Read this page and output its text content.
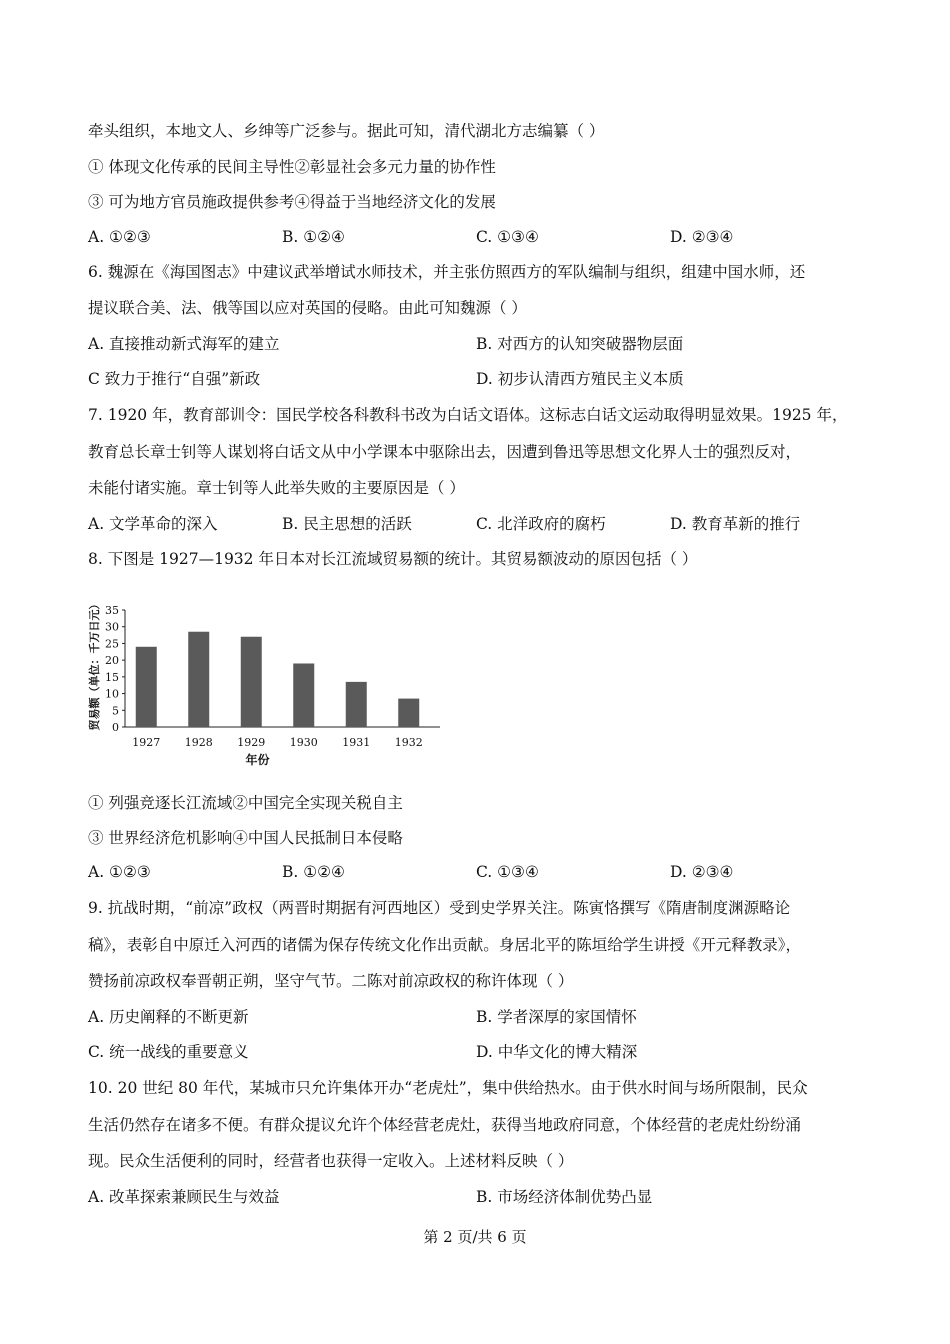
牵头组织，本地文人、乡绅等广泛参与。据此可知，清代湖北方志编纂（ ）
① 体现文化传承的民间主导性②彰显社会多元力量的协作性
③ 可为地方官员施政提供参考④得益于当地经济文化的发展
A. ①②③	B. ①②④	C. ①③④	D. ②③④
6. 魏源在《海国图志》中建议武举增试水师技术，并主张仿照西方的军队编制与组织，组建中国水师，还
提议联合美、法、俄等国以应对英国的侵略。由此可知魏源（ ）
A. 直接推动新式海军的建立	B. 对西方的认知突破器物层面
C 致力于推行“自强”新政	D. 初步认清西方殖民主义本质
7. 1920 年，教育部训令：国民学校各科教科书改为白话文语体。这标志白话文运动取得明显效果。1925 年，
教育总长章士钊等人谋划将白话文从中小学课本中驱除出去，因遭到鲁迅等思想文化界人士的强烈反对，
未能付诸实施。章士钊等人此举失败的主要原因是（ ）
A. 文学革命的深入	B. 民主思想的活跃	C. 北洋政府的腐朽	D. 教育革新的推行
8. 下图是 1927—1932 年日本对长江流域贸易额的统计。其贸易额波动的原因包括（ ）
0
5
10
15
20
25
30
35
1927 1928 1929 1930 1931 1932
年份
贸易额（单位：千万日元）
① 列强竞逐长江流域②中国完全实现关税自主
③ 世界经济危机影响④中国人民抵制日本侵略
A. ①②③	B. ①②④	C. ①③④	D. ②③④
9. 抗战时期，“前凉”政权（两晋时期据有河西地区）受到史学界关注。陈寅恪撰写《隋唐制度渊源略论
稿》，表彰自中原迁入河西的诸儒为保存传统文化作出贡献。身居北平的陈垣给学生讲授《开元释教录》，
赞扬前凉政权奉晋朝正朔，坚守气节。二陈对前凉政权的称许体现（ ）
A. 历史阐释的不断更新	B. 学者深厚的家国情怀
C. 统一战线的重要意义	D. 中华文化的博大精深
10. 20 世纪 80 年代，某城市只允许集体开办“老虎灶”，集中供给热水。由于供水时间与场所限制，民众
生活仍然存在诸多不便。有群众提议允许个体经营老虎灶，获得当地政府同意，个体经营的老虎灶纷纷涌
现。民众生活便利的同时，经营者也获得一定收入。上述材料反映（ ）
A. 改革探索兼顾民生与效益	B. 市场经济体制优势凸显
第 2 页/共 6 页
